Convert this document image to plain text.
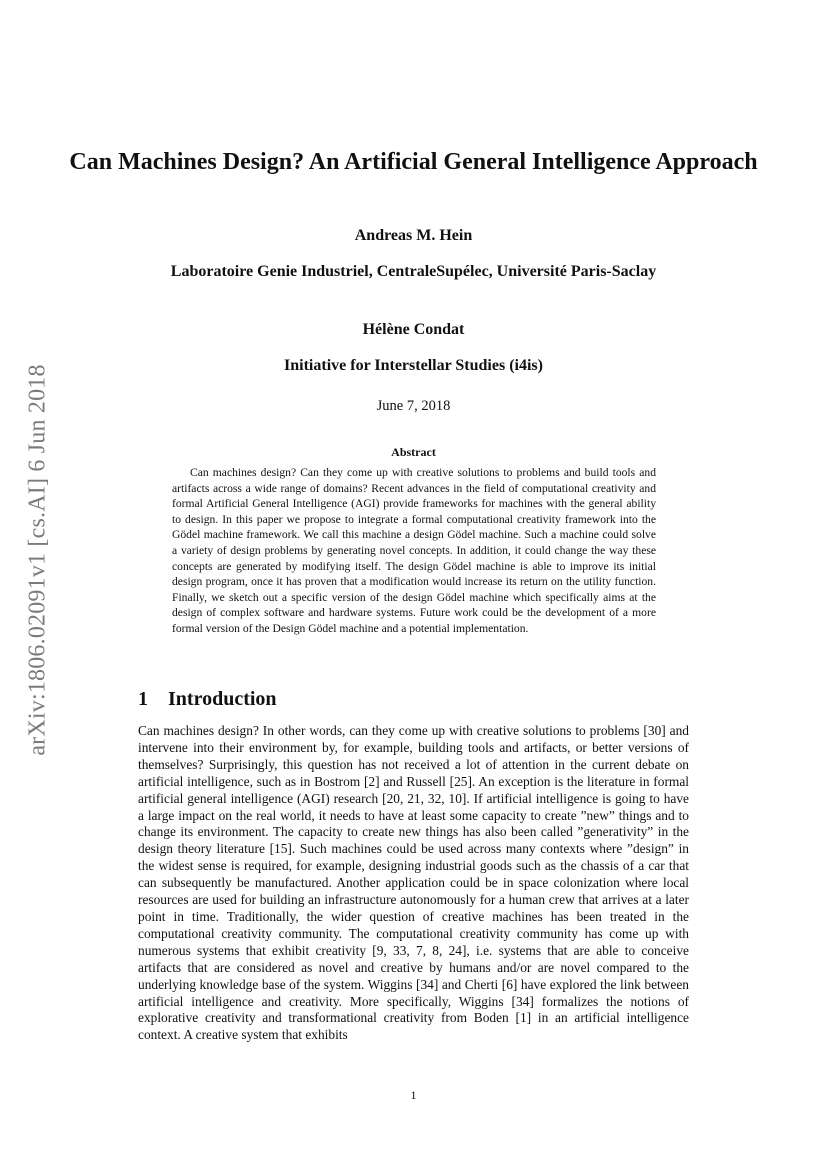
arXiv:1806.02091v1 [cs.AI] 6 Jun 2018
Can Machines Design? An Artificial General Intelligence Approach
Andreas M. Hein
Laboratoire Genie Industriel, CentraleSupélec, Université Paris-Saclay
Hélène Condat
Initiative for Interstellar Studies (i4is)
June 7, 2018
Abstract
Can machines design? Can they come up with creative solutions to problems and build tools and artifacts across a wide range of domains? Recent advances in the field of computational creativity and formal Artificial General Intelligence (AGI) provide frameworks for machines with the general ability to design. In this paper we propose to integrate a formal computational creativity framework into the Gödel machine framework. We call this machine a design Gödel machine. Such a machine could solve a variety of design problems by generating novel concepts. In addition, it could change the way these concepts are generated by modifying itself. The design Gödel machine is able to improve its initial design program, once it has proven that a modification would increase its return on the utility function. Finally, we sketch out a specific version of the design Gödel machine which specifically aims at the design of complex software and hardware systems. Future work could be the development of a more formal version of the Design Gödel machine and a potential implementation.
1 Introduction
Can machines design? In other words, can they come up with creative solutions to problems [30] and intervene into their environment by, for example, building tools and artifacts, or better versions of themselves? Surprisingly, this question has not received a lot of attention in the current debate on artificial intelligence, such as in Bostrom [2] and Russell [25]. An exception is the literature in formal artificial general intelligence (AGI) research [20, 21, 32, 10]. If artificial intelligence is going to have a large impact on the real world, it needs to have at least some capacity to create ”new” things and to change its environment. The capacity to create new things has also been called ”generativity” in the design theory literature [15]. Such machines could be used across many contexts where ”design” in the widest sense is required, for example, designing industrial goods such as the chassis of a car that can subsequently be manufactured. Another application could be in space colonization where local resources are used for building an infrastructure autonomously for a human crew that arrives at a later point in time. Traditionally, the wider question of creative machines has been treated in the computational creativity community. The computational creativity community has come up with numerous systems that exhibit creativity [9, 33, 7, 8, 24], i.e. systems that are able to conceive artifacts that are considered as novel and creative by humans and/or are novel compared to the underlying knowledge base of the system. Wiggins [34] and Cherti [6] have explored the link between artificial intelligence and creativity. More specifically, Wiggins [34] formalizes the notions of explorative creativity and transformational creativity from Boden [1] in an artificial intelligence context. A creative system that exhibits
1
